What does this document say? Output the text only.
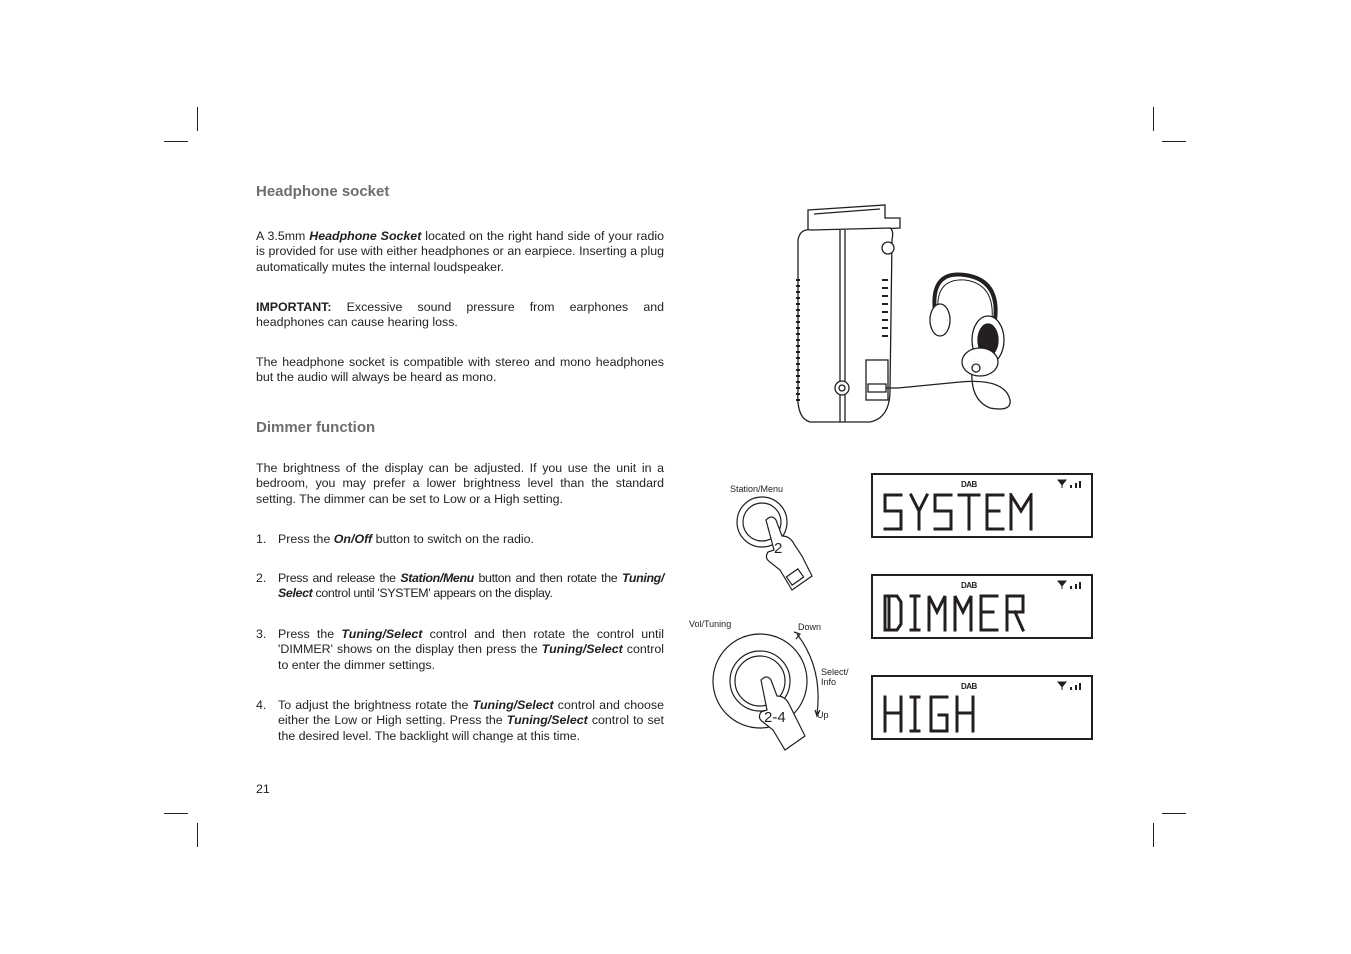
Headphone socket

A 3.5mm Headphone Socket located on the right hand side of your radio is provided for use with either headphones or an earpiece. Inserting a plug automatically mutes the internal loudspeaker.

IMPORTANT: Excessive sound pressure from earphones and headphones can cause hearing loss.

The headphone socket is compatible with stereo and mono headphones but the audio will always be heard as mono.

Dimmer function

The brightness of the display can be adjusted. If you use the unit in a bedroom, you may prefer a lower brightness level than the standard setting. The dimmer can be set to Low or a High setting.

1. Press the On/Off button to switch on the radio.
2. Press and release the Station/Menu button and then rotate the Tuning/ Select control until 'SYSTEM' appears on the display.
3. Press the Tuning/Select control and then rotate the control until 'DIMMER' shows on the display then press the Tuning/Select control to enter the dimmer settings.
4. To adjust the brightness rotate the Tuning/Select control and choose either the Low or High setting. Press the Tuning/Select control to set the desired level. The backlight will change at this time.
21
Station/Menu
2
Vol/Tuning	Down
Select/
Info
Up
2-4
DAB
DAB
DAB
